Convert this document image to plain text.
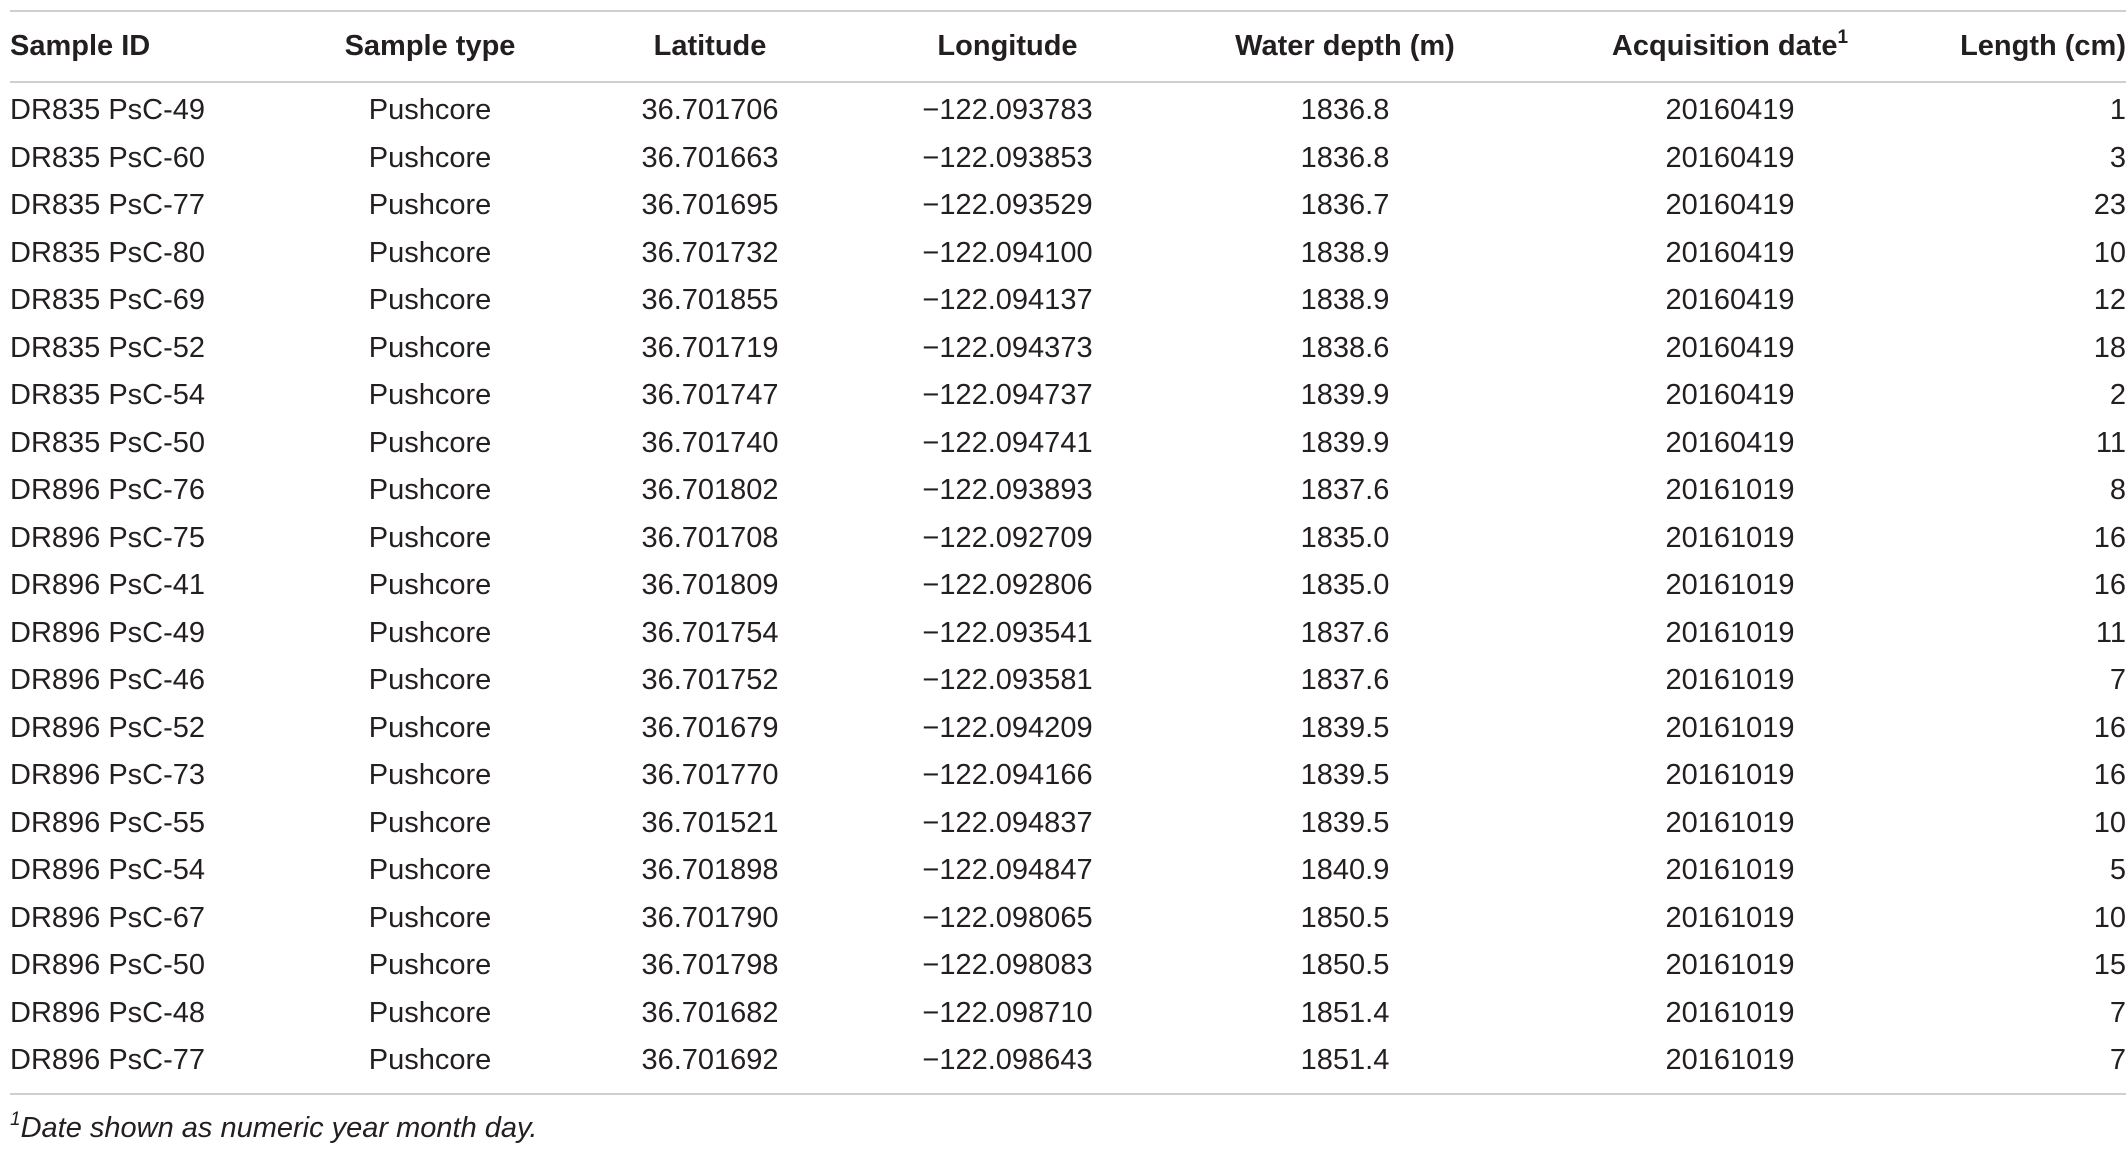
Sample ID	Sample type	Latitude	Longitude	Water depth (m)	Acquisition date$^1$	Length (cm)
DR835 PsC-49	Pushcore	36.701706	−122.093783	1836.8	20160419	1
DR835 PsC-60	Pushcore	36.701663	−122.093853	1836.8	20160419	3
DR835 PsC-77	Pushcore	36.701695	−122.093529	1836.7	20160419	23
DR835 PsC-80	Pushcore	36.701732	−122.094100	1838.9	20160419	10
DR835 PsC-69	Pushcore	36.701855	−122.094137	1838.9	20160419	12
DR835 PsC-52	Pushcore	36.701719	−122.094373	1838.6	20160419	18
DR835 PsC-54	Pushcore	36.701747	−122.094737	1839.9	20160419	2
DR835 PsC-50	Pushcore	36.701740	−122.094741	1839.9	20160419	11
DR896 PsC-76	Pushcore	36.701802	−122.093893	1837.6	20161019	8
DR896 PsC-75	Pushcore	36.701708	−122.092709	1835.0	20161019	16
DR896 PsC-41	Pushcore	36.701809	−122.092806	1835.0	20161019	16
DR896 PsC-49	Pushcore	36.701754	−122.093541	1837.6	20161019	11
DR896 PsC-46	Pushcore	36.701752	−122.093581	1837.6	20161019	7
DR896 PsC-52	Pushcore	36.701679	−122.094209	1839.5	20161019	16
DR896 PsC-73	Pushcore	36.701770	−122.094166	1839.5	20161019	16
DR896 PsC-55	Pushcore	36.701521	−122.094837	1839.5	20161019	10
DR896 PsC-54	Pushcore	36.701898	−122.094847	1840.9	20161019	5
DR896 PsC-67	Pushcore	36.701790	−122.098065	1850.5	20161019	10
DR896 PsC-50	Pushcore	36.701798	−122.098083	1850.5	20161019	15
DR896 PsC-48	Pushcore	36.701682	−122.098710	1851.4	20161019	7
DR896 PsC-77	Pushcore	36.701692	−122.098643	1851.4	20161019	7
$^1$Date shown as numeric year month day.
